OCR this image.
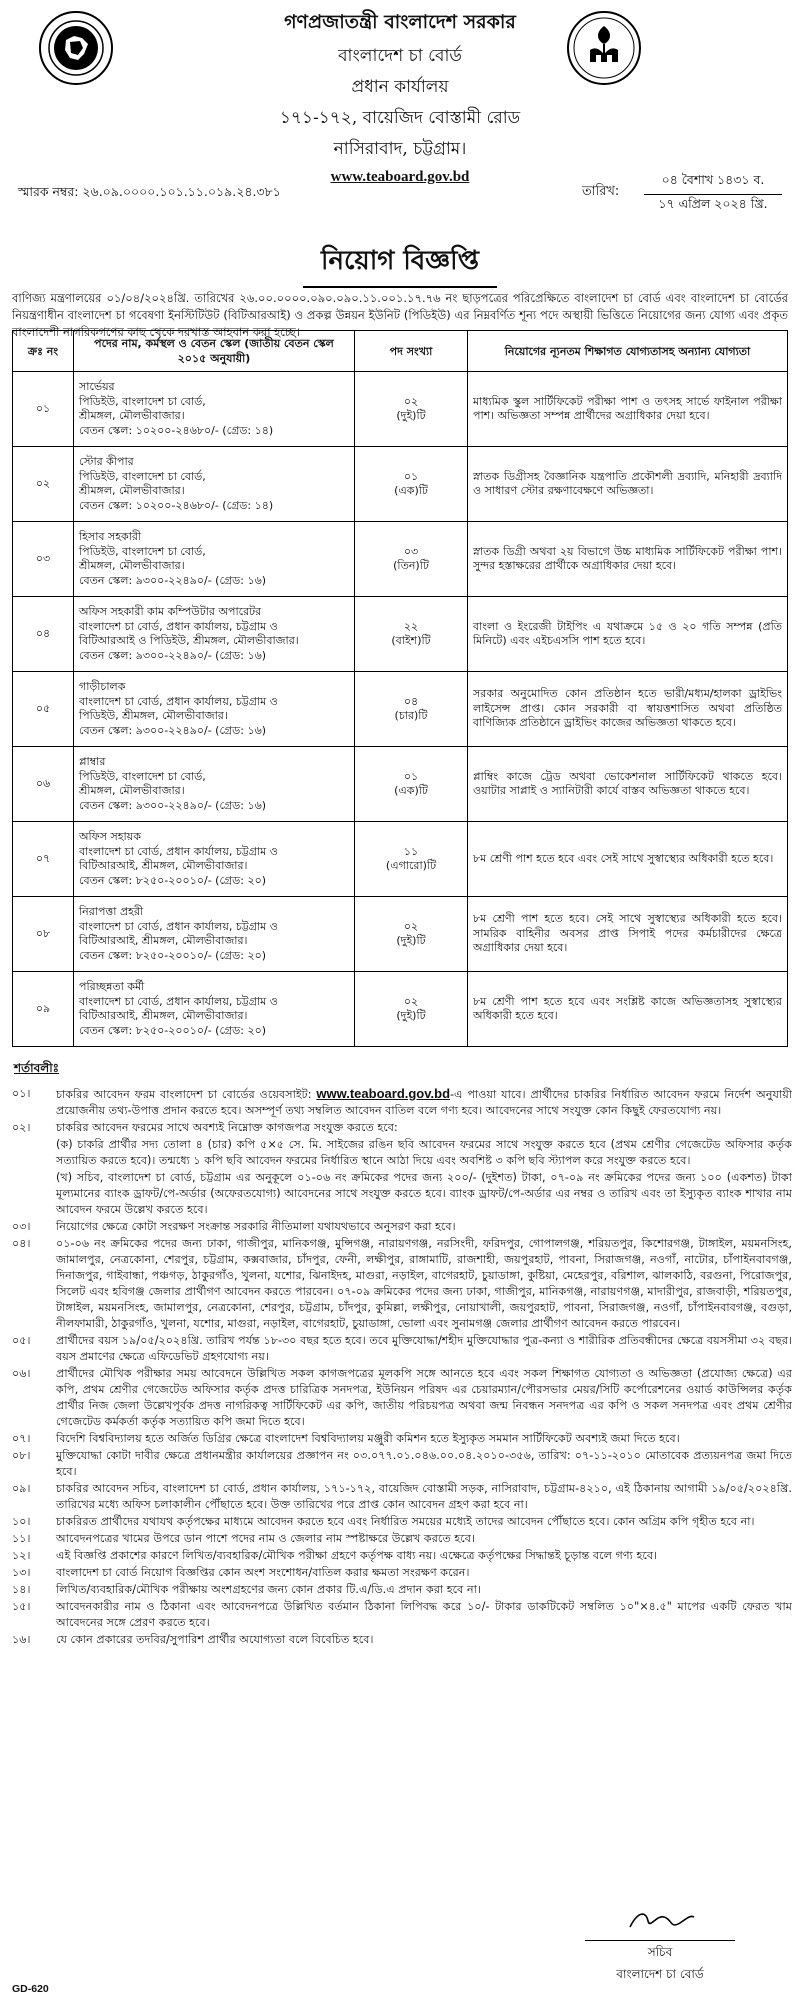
গণপ্রজাতন্ত্রী বাংলাদেশ সরকার
বাংলাদেশ চা বোর্ড
প্রধান কার্যালয়
১৭১-১৭২, বায়েজিদ বোস্তামী রোড
নাসিরাবাদ, চট্টগ্রাম।
www.teaboard.gov.bd
স্মারক নম্বর: ২৬.০৯.০০০০.১০১.১১.০১৯.২৪.৩৮১	তারিখ:
০৪ বৈশাখ ১৪৩১ ব.
১৭ এপ্রিল ২০২৪ খ্রি.
নিয়োগ বিজ্ঞপ্তি
বাণিজ্য মন্ত্রণালয়ের ০১/০৪/২০২৪খ্রি. তারিখের ২৬.০০.০০০০.০৯০.০৯০.১১.০০১.১৭.৭৬ নং ছাড়পত্রের পরিপ্রেক্ষিতে বাংলাদেশ চা বোর্ড এবং বাংলাদেশ চা বোর্ডের নিয়ন্ত্রণাধীন বাংলাদেশ চা গবেষণা ইনস্টিটিউট (বিটিআরআই) ও প্রকল্প উন্নয়ন ইউনিট (পিডিইউ) এর নিম্নবর্ণিত শূন্য পদে অস্থায়ী ভিত্তিতে নিয়োগের জন্য যোগ্য এবং প্রকৃত বাংলাদেশী নাগরিকগণের কাছ থেকে দরখাস্ত আহবান করা হচ্ছে।
ক্রঃ নং	পদের নাম, কর্মস্থল ও বেতন স্কেল (জাতীয় বেতন স্কেল ২০১৫ অনুযায়ী)	পদ সংখ্যা	নিয়োগের ন্যূনতম শিক্ষাগত যোগ্যতাসহ অন্যান্য যোগ্যতা
০১	সার্ভেয়র
পিডিইউ, বাংলাদেশ চা বোর্ড,
শ্রীমঙ্গল, মৌলভীবাজার।
বেতন স্কেল: ১০২০০-২৪৬৮০/- (গ্রেড: ১৪)	০২
(দুই)টি	মাধ্যমিক স্কুল সার্টিফিকেট পরীক্ষা পাশ ও তৎসহ সার্ভে ফাইনাল পরীক্ষা পাশ। অভিজ্ঞতা সম্পন্ন প্রার্থীদের অগ্রাধিকার দেয়া হবে।
০২	স্টোর কীপার
পিডিইউ, বাংলাদেশ চা বোর্ড,
শ্রীমঙ্গল, মৌলভীবাজার।
বেতন স্কেল: ১০২০০-২৪৬৮০/- (গ্রেড: ১৪)	০১
(এক)টি	স্নাতক ডিগ্রীসহ বৈজ্ঞানিক যন্ত্রপাতি প্রকৌশলী দ্রব্যাদি, মনিহারী দ্রব্যাদি ও সাধারণ স্টোর রক্ষণাবেক্ষণে অভিজ্ঞতা।
০৩	হিসাব সহকারী
পিডিইউ, বাংলাদেশ চা বোর্ড,
শ্রীমঙ্গল, মৌলভীবাজার।
বেতন স্কেল: ৯৩০০-২২৪৯০/- (গ্রেড: ১৬)	০৩
(তিন)টি	স্নাতক ডিগ্রী অথবা ২য় বিভাগে উচ্চ মাধ্যমিক সার্টিফিকেট পরীক্ষা পাশ। সুন্দর হস্তাক্ষরের প্রার্থীকে অগ্রাধিকার দেয়া হবে।
০৪	অফিস সহকারী কাম কম্পিউটার অপারেটর
বাংলাদেশ চা বোর্ড, প্রধান কার্যালয়, চট্টগ্রাম ও
বিটিআরআই ও পিডিইউ, শ্রীমঙ্গল, মৌলভীবাজার।
বেতন স্কেল: ৯৩০০-২২৪৯০/- (গ্রেড: ১৬)	২২
(বাইশ)টি	বাংলা ও ইংরেজী টাইপিং এ যথাক্রমে ১৫ ও ২০ গতি সম্পন্ন (প্রতি মিনিটে) এবং এইচএসসি পাশ হতে হবে।
০৫	গাড়ীচালক
বাংলাদেশ চা বোর্ড, প্রধান কার্যালয়, চট্টগ্রাম ও
পিডিইউ, শ্রীমঙ্গল, মৌলভীবাজার।
বেতন স্কেল: ৯৩০০-২২৪৯০/- (গ্রেড: ১৬)	০৪
(চার)টি	সরকার অনুমোদিত কোন প্রতিষ্ঠান হতে ভারী/মধ্যম/হালকা ড্রাইভিং লাইসেন্স প্রাপ্ত। কোন সরকারী বা স্বায়ত্তশাসিত অথবা প্রতিষ্ঠিত বাণিজ্যিক প্রতিষ্ঠানে ড্রাইভিং কাজের অভিজ্ঞতা থাকতে হবে।
০৬	প্লাম্বার
পিডিইউ, বাংলাদেশ চা বোর্ড,
শ্রীমঙ্গল, মৌলভীবাজার।
বেতন স্কেল: ৯৩০০-২২৪৯০/- (গ্রেড: ১৬)	০১
(এক)টি	প্লাম্বিং কাজে ট্রেড অথবা ভোকেশনাল সার্টিফিকেট থাকতে হবে। ওয়াটার সাপ্লাই ও স্যানিটারী কার্যে বাস্তব অভিজ্ঞতা থাকতে হবে।
০৭	অফিস সহায়ক
বাংলাদেশ চা বোর্ড, প্রধান কার্যালয়, চট্টগ্রাম ও
বিটিআরআই, শ্রীমঙ্গল, মৌলভীবাজার।
বেতন স্কেল: ৮২৫০-২০০১০/- (গ্রেড: ২০)	১১
(এগারো)টি	৮ম শ্রেণী পাশ হতে হবে এবং সেই সাথে সুস্বাস্থ্যের অধিকারী হতে হবে।
০৮	নিরাপত্তা প্রহরী
বাংলাদেশ চা বোর্ড, প্রধান কার্যালয়, চট্টগ্রাম ও
বিটিআরআই, শ্রীমঙ্গল, মৌলভীবাজার।
বেতন স্কেল: ৮২৫০-২০০১০/- (গ্রেড: ২০)	০২
(দুই)টি	৮ম শ্রেণী পাশ হতে হবে। সেই সাথে সুস্বাস্থ্যের অধিকারী হতে হবে। সামরিক বাহিনীর অবসর প্রাপ্ত সিপাই পদের কর্মচারীদের ক্ষেত্রে অগ্রাধিকার দেয়া হবে।
০৯	পরিচ্ছন্নতা কর্মী
বাংলাদেশ চা বোর্ড, প্রধান কার্যালয়, চট্টগ্রাম ও
বিটিআরআই, শ্রীমঙ্গল, মৌলভীবাজার।
বেতন স্কেল: ৮২৫০-২০০১০/- (গ্রেড: ২০)	০২
(দুই)টি	৮ম শ্রেণী পাশ হতে হবে এবং সংশ্লিষ্ট কাজে অভিজ্ঞতাসহ সুস্বাস্থ্যের অধিকারী হতে হবে।
শর্তাবলীঃ
০১।	চাকরির আবেদন ফরম বাংলাদেশ চা বোর্ডের ওয়েবসাইট: www.teaboard.gov.bd-এ পাওয়া যাবে। প্রার্থীদের চাকরির নির্ধারিত আবেদন ফরমে নির্দেশ অনুযায়ী প্রয়োজনীয় তথ্য-উপাত্ত প্রদান করতে হবে। অসম্পূর্ণ তথ্য সম্বলিত আবেদন বাতিল বলে গণ্য হবে। আবেদনের সাথে সংযুক্ত কোন কিছুই ফেরতযোগ্য নয়।
০২।	চাকরির আবেদন ফরমের সাথে অবশ্যই নিম্নোক্ত কাগজপত্র সংযুক্ত করতে হবে:
(ক) চাকরি প্রার্থীর সদ্য তোলা ৪ (চার) কপি ৫×৫ সে. মি. সাইজের রঙিন ছবি আবেদন ফরমের সাথে সংযুক্ত করতে হবে (প্রথম শ্রেণীর গেজেটেড অফিসার কর্তৃক সত্যায়িত করতে হবে)। তন্মধ্যে ১ কপি ছবি আবেদন ফরমের নির্ধারিত স্থানে আঠা দিয়ে এবং অবশিষ্ট ৩ কপি ছবি স্ট্যাপল করে সংযুক্ত করতে হবে।
(খ) সচিব, বাংলাদেশ চা বোর্ড, চট্টগ্রাম এর অনুকূলে ০১-০৬ নং ক্রমিকের পদের জন্য ২০০/- (দুইশত) টাকা, ০৭-০৯ নং ক্রমিকের পদের জন্য ১০০ (একশত) টাকা মূল্যমানের ব্যাংক ড্রাফট/পে-অর্ডার (অফেরতযোগ্য) আবেদনের সাথে সংযুক্ত করতে হবে। ব্যাংক ড্রাফট/পে-অর্ডার এর নম্বর ও তারিখ এবং তা ইস্যুকৃত ব্যাংক শাখার নাম আবেদন ফরমে উল্লেখ করতে হবে।
০৩।	নিয়োগের ক্ষেত্রে কোটা সংরক্ষণ সংক্রান্ত সরকারি নীতিমালা যথাযথভাবে অনুসরণ করা হবে।
০৪।	০১-০৬ নং ক্রমিকের পদের জন্য ঢাকা, গাজীপুর, মানিকগঞ্জ, মুন্সিগঞ্জ, নারায়ণগঞ্জ, নরসিংদী, ফরিদপুর, গোপালগঞ্জ, শরিয়তপুর, কিশোরগঞ্জ, টাঙ্গাইল, ময়মনসিংহ, জামালপুর, নেত্রকোনা, শেরপুর, চট্টগ্রাম, কক্সবাজার, চাঁদপুর, ফেনী, লক্ষীপুর, রাঙ্গামাটি, রাজশাহী, জয়পুরহাট, পাবনা, সিরাজগঞ্জ, নওগাঁ, নাটোর, চাঁপাইনবাবগঞ্জ, দিনাজপুর, গাইবান্ধা, পঞ্চগড়, ঠাকুরগাঁও, খুলনা, যশোর, ঝিনাইদহ, মাগুরা, নড়াইল, বাগেরহাট, চুয়াডাঙ্গা, কুষ্টিয়া, মেহেরপুর, বরিশাল, ঝালকাঠি, বরগুনা, পিরোজপুর, সিলেট এবং হবিগঞ্জ জেলার প্রার্থীগণ আবেদন করতে পারবেন। ০৭-০৯ ক্রমিকের পদের জন্য ঢাকা, গাজীপুর, মানিকগঞ্জ, নারায়ণগঞ্জ, মাদারীপুর, রাজবাড়ী, শরিয়তপুর, টাঙ্গাইল, ময়মনসিংহ, জামালপুর, নেত্রকোনা, শেরপুর, চট্টগ্রাম, চাঁদপুর, কুমিল্লা, লক্ষীপুর, নোয়াখালী, জয়পুরহাট, পাবনা, সিরাজগঞ্জ, নওগাঁ, চাঁপাইনবাবগঞ্জ, বগুড়া, নীলফামারী, ঠাকুরগাঁও, খুলনা, যশোর, মাগুরা, নড়াইল, বাগেরহাট, চুয়াডাঙ্গা, ভোলা এবং সুনামগঞ্জ জেলার প্রার্থীগণ আবেদন করতে পারবেন।
০৫।	প্রার্থীদের বয়স ১৯/০৫/২০২৪খ্রি. তারিখ পর্যন্ত ১৮-৩০ বছর হতে হবে। তবে মুক্তিযোদ্ধা/শহীদ মুক্তিযোদ্ধার পুত্র-কন্যা ও শারীরিক প্রতিবন্ধীদের ক্ষেত্রে বয়সসীমা ৩২ বছর। বয়স প্রমাণের ক্ষেত্রে এফিডেভিট গ্রহণযোগ্য নয়।
০৬।	প্রার্থীদের মৌখিক পরীক্ষার সময় আবেদনে উল্লিখিত সকল কাগজপত্রের মূলকপি সঙ্গে আনতে হবে এবং সকল শিক্ষাগত যোগ্যতা ও অভিজ্ঞতা (প্রযোজ্য ক্ষেত্রে) এর কপি, প্রথম শ্রেণীর গেজেটেড অফিসার কর্তৃক প্রদত্ত চারিত্রিক সনদপত্র, ইউনিয়ন পরিষদ এর চেয়ারম্যান/পৌরসভার মেয়র/সিটি কর্পোরেশনের ওয়ার্ড কাউন্সিলর কর্তৃক প্রার্থীর নিজ জেলা উল্লেখপূর্বক প্রদত্ত নাগরিকত্ব সার্টিফিকেট এর কপি, জাতীয় পরিচয়পত্র অথবা জন্ম নিবন্ধন সনদপত্র এর কপি ও সকল সনদপত্র এবং প্রথম শ্রেণীর গেজেটেড কর্মকর্তা কর্তৃক সত্যায়িত কপি জমা দিতে হবে।
০৭।	বিদেশি বিশ্ববিদ্যালয় হতে অর্জিত ডিগ্রির ক্ষেত্রে বাংলাদেশ বিশ্ববিদ্যালয় মঞ্জুরী কমিশন হতে ইস্যুকৃত সমমান সার্টিফিকেট অবশ্যই জমা দিতে হবে।
০৮।	মুক্তিযোদ্ধা কোটা দাবীর ক্ষেত্রে প্রধানমন্ত্রীর কার্যালয়ের প্রজ্ঞাপন নং ০৩.০৭৭.০১.০৪৬.০০.০৪.২০১০-৩৫৬, তারিখ: ০৭-১১-২০১০ মোতাবেক প্রত্যয়নপত্র জমা দিতে হবে।
০৯।	চাকরির আবেদন সচিব, বাংলাদেশ চা বোর্ড, প্রধান কার্যালয়, ১৭১-১৭২, বায়েজিদ বোস্তামী সড়ক, নাসিরাবাদ, চট্টগ্রাম-৪২১০, এই ঠিকানায় আগামী ১৯/০৫/২০২৪খ্রি. তারিখের মধ্যে অফিস চলাকালীন পৌঁছাতে হবে। উক্ত তারিখের পরে প্রাপ্ত কোন আবেদন গ্রহণ করা হবে না।
১০।	চাকরিরত প্রার্থীদের যথাযথ কর্তৃপক্ষের মাধ্যমে আবেদন করতে হবে এবং নির্ধারিত সময়ের মধ্যেই তাদের আবেদন পৌঁছাতে হবে। কোন অগ্রিম কপি গৃহীত হবে না।
১১।	আবেদনপত্রের খামের উপরে ডান পাশে পদের নাম ও জেলার নাম স্পষ্টাক্ষরে উল্লেখ করতে হবে।
১২।	এই বিজ্ঞপ্তি প্রকাশের কারণে লিখিত/ব্যবহারিক/মৌখিক পরীক্ষা গ্রহণে কর্তৃপক্ষ বাধ্য নয়। এক্ষেত্রে কর্তৃপক্ষের সিদ্ধান্তই চূড়ান্ত বলে গণ্য হবে।
১৩।	বাংলাদেশ চা বোর্ড নিয়োগ বিজ্ঞপ্তির কোন অংশ সংশোধন/বাতিল করার ক্ষমতা সংরক্ষণ করেন।
১৪।	লিখিত/ব্যবহারিক/মৌখিক পরীক্ষায় অংশগ্রহণের জন্য কোন প্রকার টি.এ/ডি.এ প্রদান করা হবে না।
১৫।	আবেদনকারীর নাম ও ঠিকানা এবং আবেদনপত্রে উল্লিখিত বর্তমান ঠিকানা লিপিবদ্ধ করে ১০/- টাকার ডাকটিকেট সম্বলিত ১০"×৪.৫" মাপের একটি ফেরত খাম আবেদনের সঙ্গে প্রেরণ করতে হবে।
১৬।	যে কোন প্রকারের তদবির/সুপারিশ প্রার্থীর অযোগ্যতা বলে বিবেচিত হবে।
সচিব
বাংলাদেশ চা বোর্ড
GD-620
